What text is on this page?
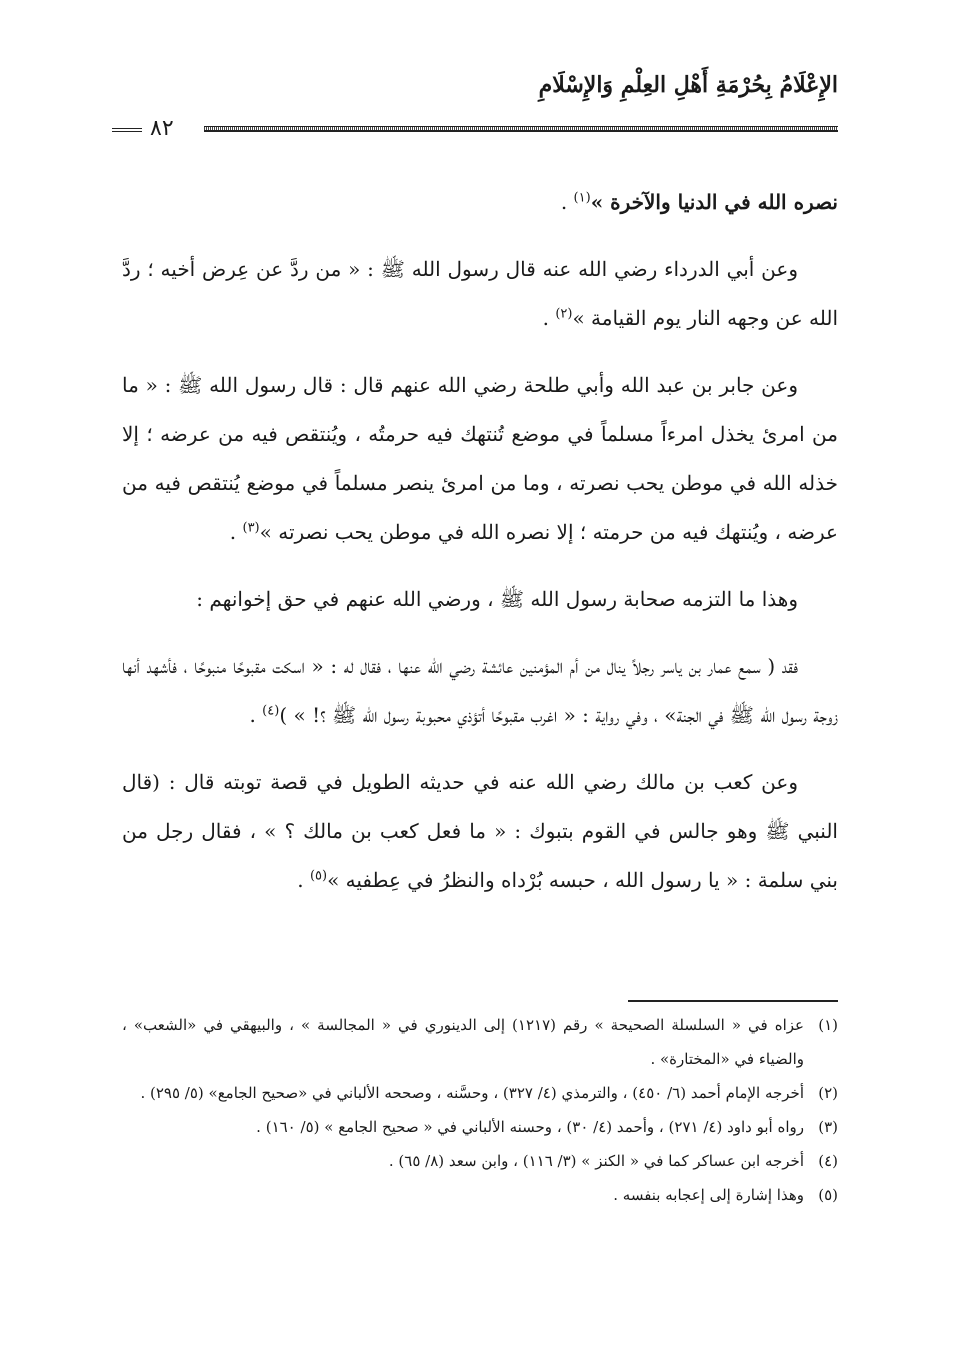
الإِعْلَامُ بِحُرْمَةِ أَهْلِ العِلْمِ وَالإِسْلَامِ
٨٢

نصره الله في الدنيا والآخرة »$^{(١)}$ .

وعن أبي الدرداء رضي الله عنه قال رسول الله ﷺ : « من ردَّ عن عِرض أخيه ؛ ردَّ الله عن وجهه النار يوم القيامة »$^{(٢)}$ .

وعن جابر بن عبد الله وأبي طلحة رضي الله عنهم قال : قال رسول الله ﷺ : « ما من امرئ يخذل امرءاً مسلماً في موضع تُنتهك فيه حرمتُه ، ويُنتقص فيه من عرضه ؛ إلا خذله الله في موطن يحب نصرته ، وما من امرئ ينصر مسلماً في موضع يُنتقص فيه من عرضه ، ويُنتهك فيه من حرمته ؛ إلا نصره الله في موطن يحب نصرته »$^{(٣)}$ .

وهذا ما التزمه صحابة رسول الله ﷺ ، ورضي الله عنهم في حق إخوانهم :

فقد ( سمع عمار بن ياسر رجلاً ينال من أم المؤمنين عائشة رضي الله عنها ، فقال له : « اسكت مقبوحًا منبوحًا ، فأشهد أنها زوجة رسول الله ﷺ في الجنة» ، وفي رواية : « اغرب مقبوحًا أتؤذي محبوبة رسول الله ﷺ ؟! » )$^{(٤)}$ .

وعن كعب بن مالك رضي الله عنه في حديثه الطويل في قصة توبته قال : (قال النبي ﷺ وهو جالس في القوم بتبوك : « ما فعل كعب بن مالك ؟ » ، فقال رجل من بني سلمة : « يا رسول الله ، حبسه بُرْداه والنظرُ في عِطفيه »$^{(٥)}$ .

(١)عزاه في « السلسلة الصحيحة » رقم (١٢١٧) إلى الدينوري في « المجالسة » ، والبيهقي في «الشعب» ، والضياء في «المختارة» .

(٢)أخرجه الإمام أحمد (٦/ ٤٥٠) ، والترمذي (٤/ ٣٢٧) ، وحسَّنه ، وصححه الألباني في «صحيح الجامع» (٥/ ٢٩٥) .

(٣)رواه أبو داود (٤/ ٢٧١) ، وأحمد (٤/ ٣٠) ، وحسنه الألباني في « صحيح الجامع » (٥/ ١٦٠) .

(٤)أخرجه ابن عساكر كما في « الكنز » (٣/ ١١٦) ، وابن سعد (٨/ ٦٥) .

(٥)وهذا إشارة إلى إعجابه بنفسه .
